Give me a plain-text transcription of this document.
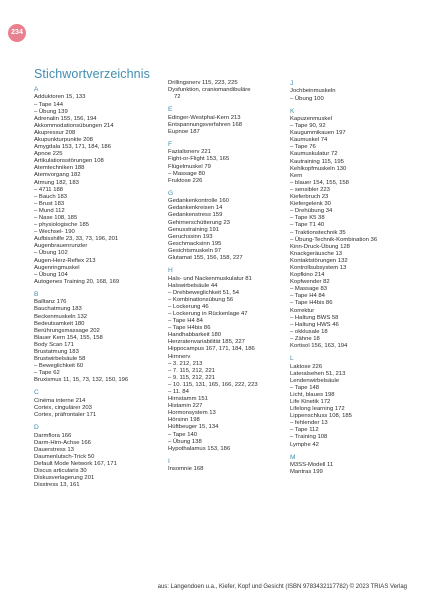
234
Stichwortverzeichnis
A
Adduktoren 15, 133
– Tape 144
– Übung 139
Adrenalin 155, 156, 194
Akkommodationsübungen 214
Akupressur 208
Akupunkturpunkte 208
Amygdala 153, 171, 184, 186
Apnoe 225
Artikulationsstörungen 108
Atemtechniken 188
Atemvorgang 182
Atmung 182, 183
– 4711 188
– Bauch 183
– Brust 183
– Mund 112
– Nase 108, 185
– physiologische 185
– Wechsel- 190
Aufbisshilfe 23, 33, 73, 196, 201
Augenbrauenrunzler
– Übung 102
Augen-Herz-Reflex 213
Augenringmuskel
– Übung 104
Autogenes Training 20, 168, 169
B
Balltanz 176
Bauchatmung 183
Beckenmuskeln 132
Bedeutsamkeit 180
Berührungsmassage 202
Blauer Kern 154, 155, 158
Body Scan 171
Brustatmung 183
Brustwirbelsäule 58
– Beweglichkeit 60
– Tape 62
Bruxismus 11, 15, 73, 132, 150, 196
C
Cinéma interne 214
Cortex, cingulärer 203
Cortex, präfrontaler 171
D
Darmflora 166
Darm-Hirn-Achse 166
Dauerstress 13
Daumenlutsch-Trick 50
Default Mode Network 167, 171
Discus articularis 30
Diskusverlagerung 201
Disstress 13, 161
Drillingsnerv 115, 223, 225
Dysfunktion, craniomandibuläre
72
E
Edinger-Westphal-Kern 213
Entspannungsverfahren 168
Eupnoe 187
F
Fazialisnerv 221
Fight-or-Flight 153, 165
Flügelmuskel 79
– Massage 80
Fruktose 226
G
Gedankenkontrolle 160
Gedankenkreisen 14
Gedankenstress 159
Gehirnerschütterung 23
Genusstraining 191
Geruchssinn 193
Geschmacksinn 195
Gesichtsmuskeln 97
Glutamat 155, 156, 158, 227
H
Hals- und Nackenmuskulatur 81
Halswirbelsäule 44
– Drehbeweglichkeit 51, 54
– Kombinationsübung 56
– Lockerung 46
– Lockerung in Rückenlage 47
– Tape H4 84
– Tape H4bis 86
Handhabbarkeit 180
Herzratenvariabilität 185, 227
Hippocampus 167, 171, 184, 186
Hirnnerv
– 3. 212, 213
– 7. 115, 212, 221
– 9. 115, 212, 221
– 10. 115, 131, 165, 166, 222, 223
– 11. 84
Hirnstamm 151
Histamin 227
Hormonsystem 13
Hörsinn 198
Hüftbeuger 15, 134
– Tape 140
– Übung 138
Hypothalamus 153, 186
I
Insomnie 168
J
Jochbeinmuskeln
– Übung 100
K
Kapuzenmuskel
– Tape 90, 92
Kaugummikauen 197
Kaumuskel 74
– Tape 76
Kaumuskulatur 72
Kautraining 115, 195
Kehlkopfmuskeln 130
Kern
– blauer 154, 155, 158
– sensibler 223
Kieferbruch 23
Kiefergelenk 30
– Drehübung 34
– Tape K5 38
– Tape T1 40
– Traktionstechnik 35
– Übung-Technik-Kombination 36
Kinn-Druck-Übung 128
Knackgeräusche 13
Kontaktstörungen 132
Kontrollsubsystem 13
Kopfkino 214
Kopfwender 82
– Massage 83
– Tape H4 84
– Tape H4bis 86
Korrektur
– Haltung BWS 58
– Haltung HWS 46
– okklusale 18
– Zähne 18
Kortisol 156, 163, 194
L
Laktose 226
Lateralsehen 51, 213
Lendenwirbelsäule
– Tape 148
Licht, blaues 198
Life Kinetik 172
Lifelong learning 172
Lippenschluss 108, 185
– fehlender 13
– Tape 112
– Training 108
Lymphe 42
M
M3SS-Modell 11
Mantras 199
aus: Langendoen u.a., Kiefer, Kopf und Gesicht (ISBN 9783432117782) © 2023 TRIAS Verlag
